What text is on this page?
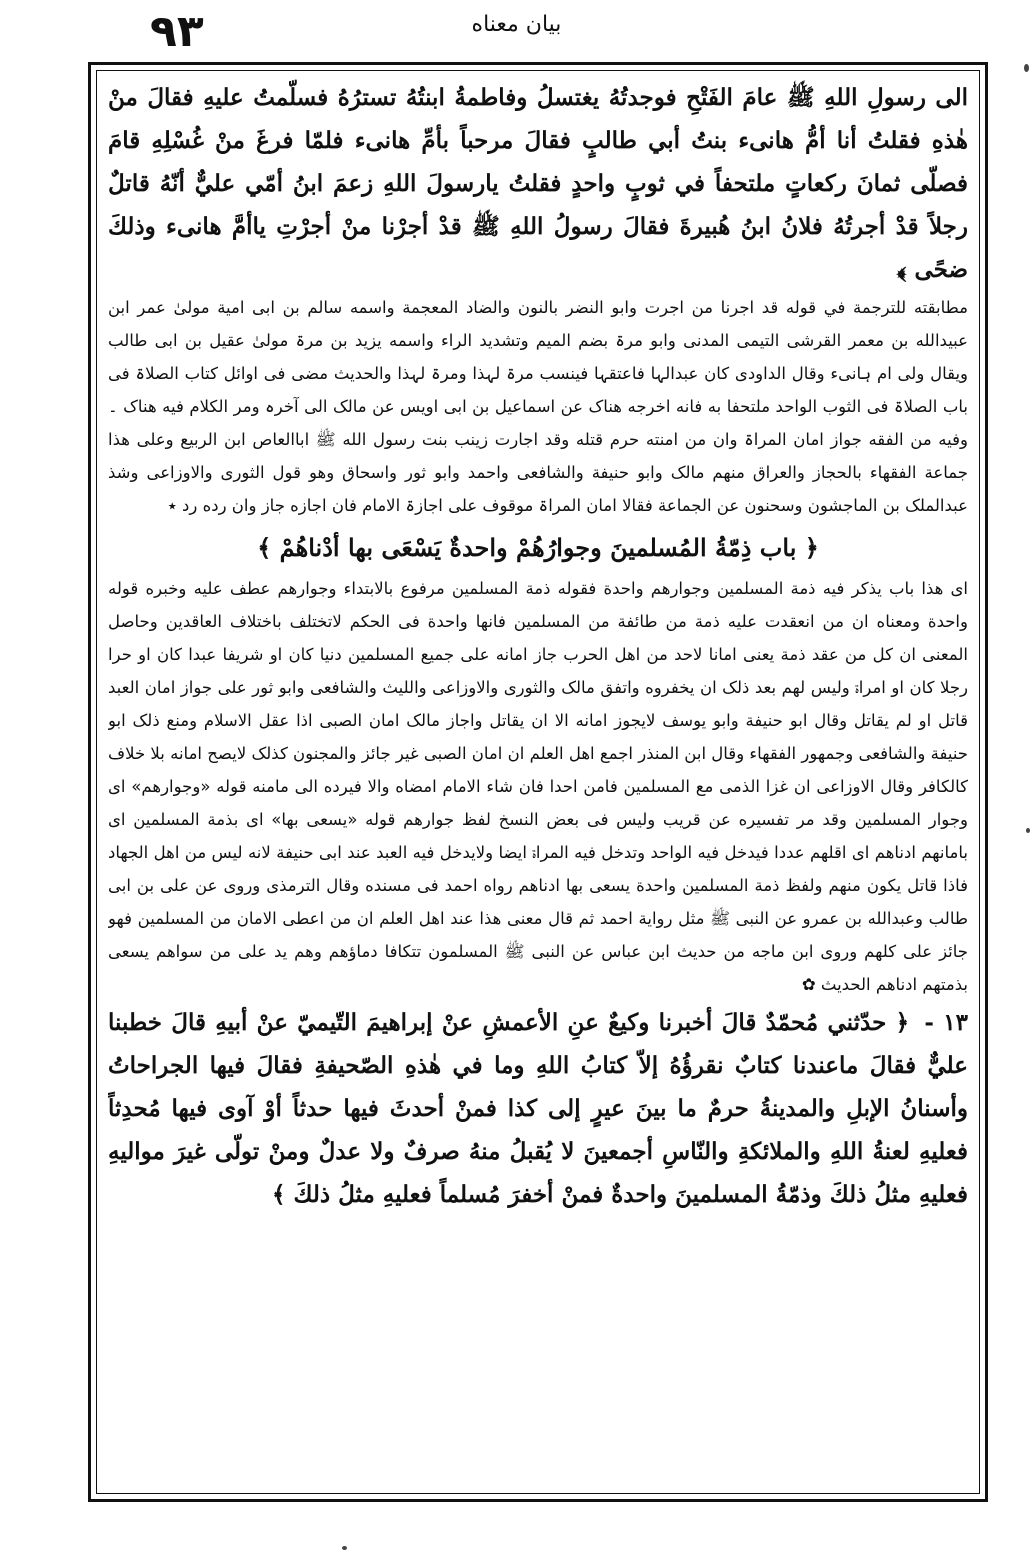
٩٣	بيان معناه

الى رسولِ اللهِ ﷺ عامَ الفَتْحِ فوجدتُهُ يغتسلُ وفاطمةُ ابنتُهُ تسترُهُ فسلّمتُ عليهِ فقالَ منْ هٰذهِ فقلتُ أنا أمُّ هانیء بنتُ أبي طالبٍ فقالَ مرحباً بأمِّ هانیء فلمّا فرغَ منْ غُسْلِهِ قامَ فصلّى ثمانَ ركعاتٍ ملتحفاً في ثوبٍ واحدٍ فقلتُ يارسولَ اللهِ زعمَ ابنُ أمّي عليٌّ أنّهُ قاتلٌ رجلاً قدْ أجرتُهُ فلانُ ابنُ هُبيرةَ فقالَ رسولُ اللهِ ﷺ قدْ أجرْنا منْ أجرْتِ ياأمَّ هانیء وذلكَ ضحًى ﴾

مطابقته للترجمة في قوله قد اجرنا من اجرت وابو النضر بالنون والضاد المعجمة واسمه سالم بن ابی امیة مولیٰ عمر ابن عبیدالله بن معمر القرشی التیمی المدنی وابو مرۃ بضم المیم وتشدید الراء واسمه یزید بن مرۃ مولیٰ عقیل بن ابی طالب ویقال ولی ام ہانیء وقال الداودی کان عبدالہا فاعتقہا فینسب مرۃ لہذا ومرۃ لہذا والحدیث مضی فی اوائل کتاب الصلاۃ فی باب الصلاۃ فی الثوب الواحد ملتحفا به فانه اخرجه هناک عن اسماعیل بن ابی اویس عن مالک الی آخرہ ومر الکلام فیه هناک ۔ وفیه من الفقه جواز امان المراۃ وان من امنته حرم قتله وقد اجارت زینب بنت رسول الله ﷺ اباالعاص ابن الربیع وعلی هذا جماعة الفقهاء بالحجاز والعراق منهم مالک وابو حنیفة والشافعی واحمد وابو ثور واسحاق وهو قول الثوری والاوزاعی وشذ عبدالملک بن الماجشون وسحنون عن الجماعة فقالا امان المراۃ موقوف علی اجازۃ الامام فان اجازه جاز وان رده رد ٭

﴿ باب ذِمّةُ المُسلمينَ وجوارُهُمْ واحدةٌ يَسْعَى بها أدْناهُمْ ﴾

ای هذا باب یذکر فیه ذمة المسلمین وجوارهم واحدة فقوله ذمة المسلمین مرفوع بالابتداء وجوارهم عطف علیه وخبره قوله واحدة ومعناه ان من انعقدت علیه ذمة من طائفة من المسلمین فانها واحدة فی الحکم لاتختلف باختلاف العاقدین وحاصل المعنی ان کل من عقد ذمة یعنی امانا لاحد من اهل الحرب جاز امانه علی جمیع المسلمین دنیا کان او شریفا عبدا کان او حرا رجلا کان او امراۃ ولیس لهم بعد ذلک ان یخفروه واتفق مالک والثوری والاوزاعی واللیث والشافعی وابو ثور علی جواز امان العبد قاتل او لم یقاتل وقال ابو حنیفة وابو یوسف لایجوز امانه الا ان یقاتل واجاز مالک امان الصبی اذا عقل الاسلام ومنع ذلک ابو حنیفة والشافعی وجمهور الفقهاء وقال ابن المنذر اجمع اهل العلم ان امان الصبی غیر جائز والمجنون کذلک لایصح امانه بلا خلاف کالکافر وقال الاوزاعی ان غزا الذمی مع المسلمین فامن احدا فان شاء الامام امضاه والا فیرده الی مامنه قوله «وجوارهم» ای وجوار المسلمین وقد مر تفسیره عن قریب ولیس فی بعض النسخ لفظ جوارهم قوله «یسعی بها» ای بذمة المسلمین ای بامانهم ادناهم ای اقلهم عددا فیدخل فیه الواحد وتدخل فیه المراۃ ایضا ولایدخل فیه العبد عند ابی حنیفة لانه لیس من اهل الجهاد فاذا قاتل یکون منهم ولفظ ذمة المسلمین واحدة یسعی بها ادناهم رواه احمد فی مسنده وقال الترمذی وروی عن علی بن ابی طالب وعبدالله بن عمرو عن النبی ﷺ مثل روایة احمد ثم قال معنی هذا عند اهل العلم ان من اعطی الامان من المسلمین فهو جائز علی کلهم وروی ابن ماجه من حدیث ابن عباس عن النبی ﷺ المسلمون تتکافا دماؤهم وهم ید علی من سواهم یسعی بذمتهم ادناهم الحدیث ✿

١٣ - ﴿ حدّثني مُحمّدٌ قالَ أخبرنا وكيعٌ عنِ الأعمشِ عنْ إبراهيمَ التّيميّ عنْ أبيهِ قالَ خطبنا عليٌّ فقالَ ماعندنا كتابٌ نقرؤُهُ إلاّ كتابُ اللهِ وما في هٰذهِ الصّحيفةِ فقالَ فيها الجراحاتُ وأسنانُ الإبلِ والمدينةُ حرمٌ ما بينَ عيرٍ إلى كذا فمنْ أحدثَ فيها حدثاً أوْ آوى فيها مُحدِثاً فعليهِ لعنةُ اللهِ والملائكةِ والنّاسِ أجمعينَ لا يُقبلُ منهُ صرفٌ ولا عدلٌ ومنْ تولّى غيرَ مواليهِ فعليهِ مثلُ ذلكَ وذمّةُ المسلمينَ واحدةٌ فمنْ أخفرَ مُسلماً فعليهِ مثلُ ذلكَ ﴾
